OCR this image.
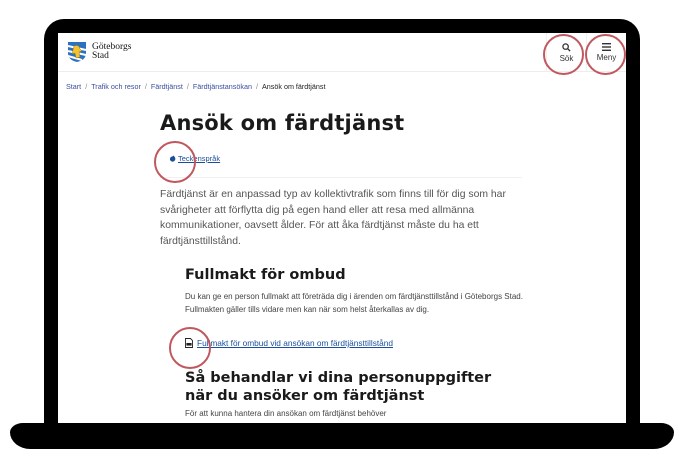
Göteborgs
Stad	Sök	Meny
Start / Trafik och resor / Färdtjänst / Färdtjänstansökan / Ansök om färdtjänst
Ansök om färdtjänst
Teckenspråk

Färdtjänst är en anpassad typ av kollektivtrafik som finns till för dig som har svårigheter att förflytta dig på egen hand eller att resa med allmänna kommunikationer, oavsett ålder. För att åka färdtjänst måste du ha ett färdtjänsttillstånd.

Fullmakt för ombud

Du kan ge en person fullmakt att företräda dig i ärenden om färdtjänsttillstånd i Göteborgs Stad. Fullmakten gäller tills vidare men kan när som helst återkallas av dig.

Fullmakt för ombud vid ansökan om färdtjänsttillstånd
Så behandlar vi dina personuppgifter när du ansöker om färdtjänst

För att kunna hantera din ansökan om färdtjänst behöver
